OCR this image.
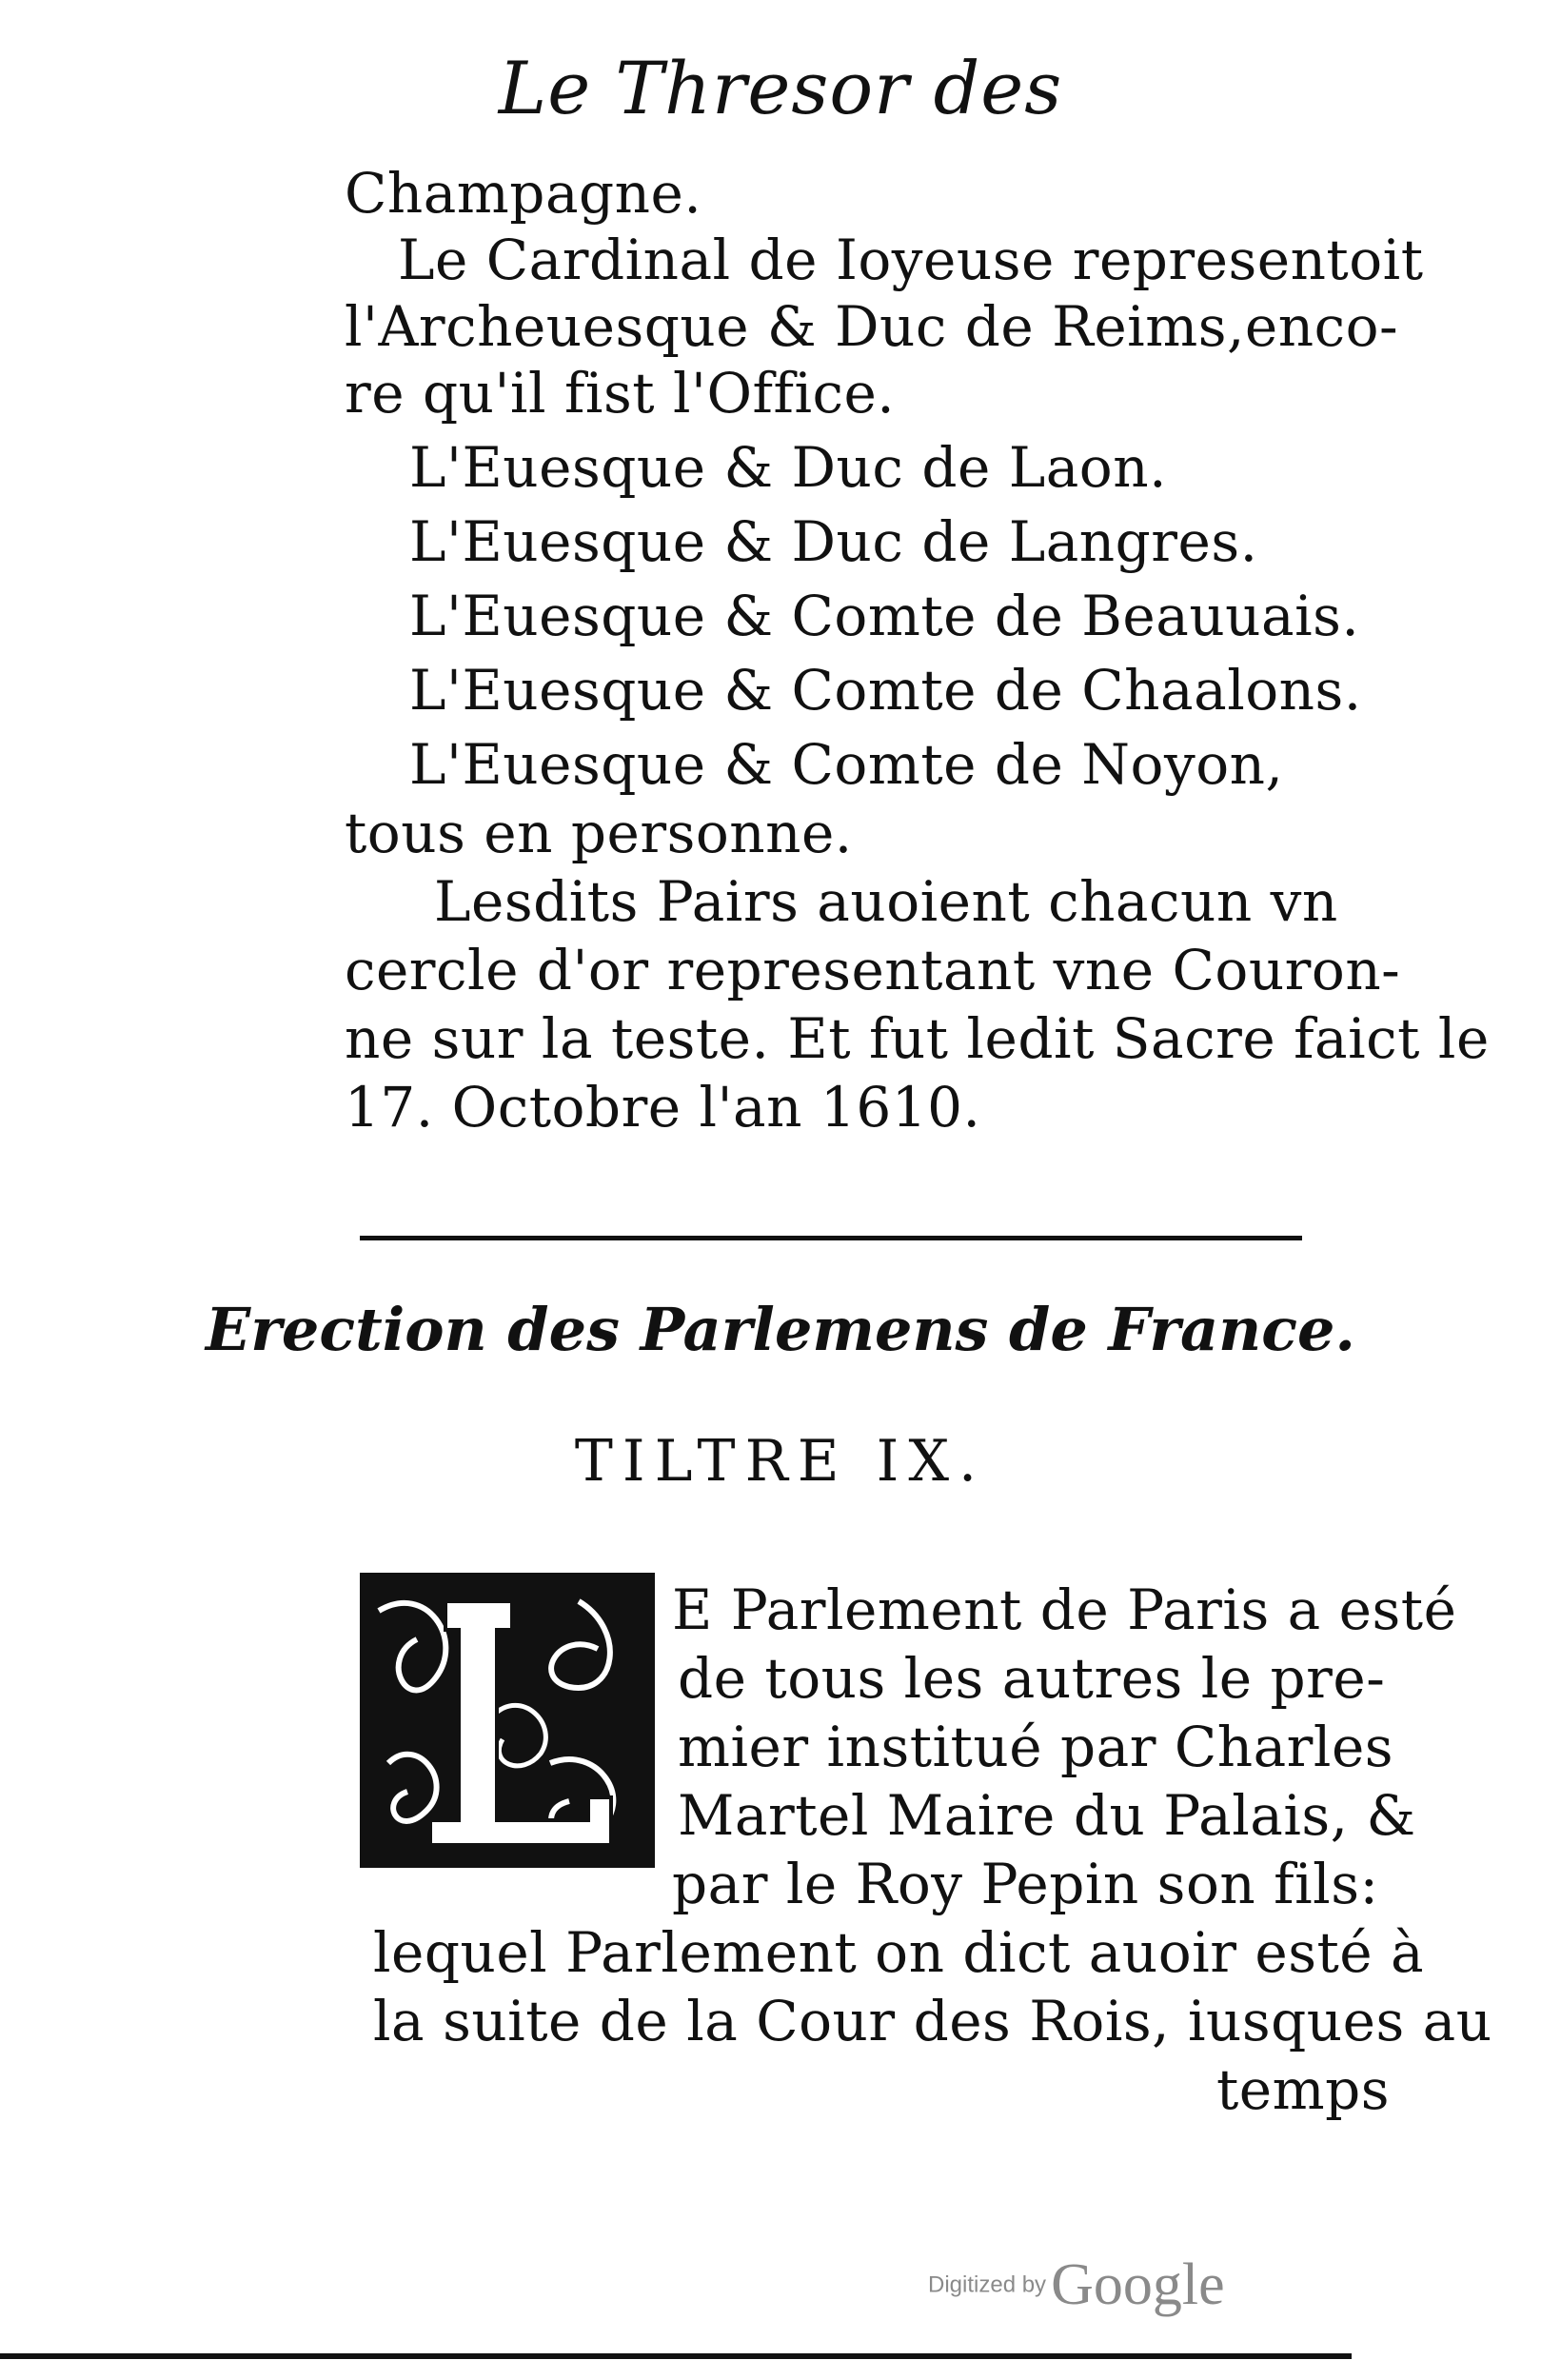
Le Thresor des
Champagne.
Le Cardinal de Ioyeuse representoit
l'Archeuesque & Duc de Reims,enco-
re qu'il fist l'Office.
L'Euesque & Duc de Laon.
L'Euesque & Duc de Langres.
L'Euesque & Comte de Beauuais.
L'Euesque & Comte de Chaalons.
L'Euesque & Comte de Noyon,
tous en personne.
Lesdits Pairs auoient chacun vn
cercle d'or representant vne Couron-
ne sur la teste. Et fut ledit Sacre faict le
17. Octobre l'an 1610.
Erection des Parlemens de France.
TILTRE IX.
L
E Parlement de Paris a esté
de tous les autres le pre-
mier institué par Charles
Martel Maire du Palais, &
par le Roy Pepin son fils:
lequel Parlement on dict auoir esté à
la suite de la Cour des Rois, iusques au
temps
Digitized by Google
